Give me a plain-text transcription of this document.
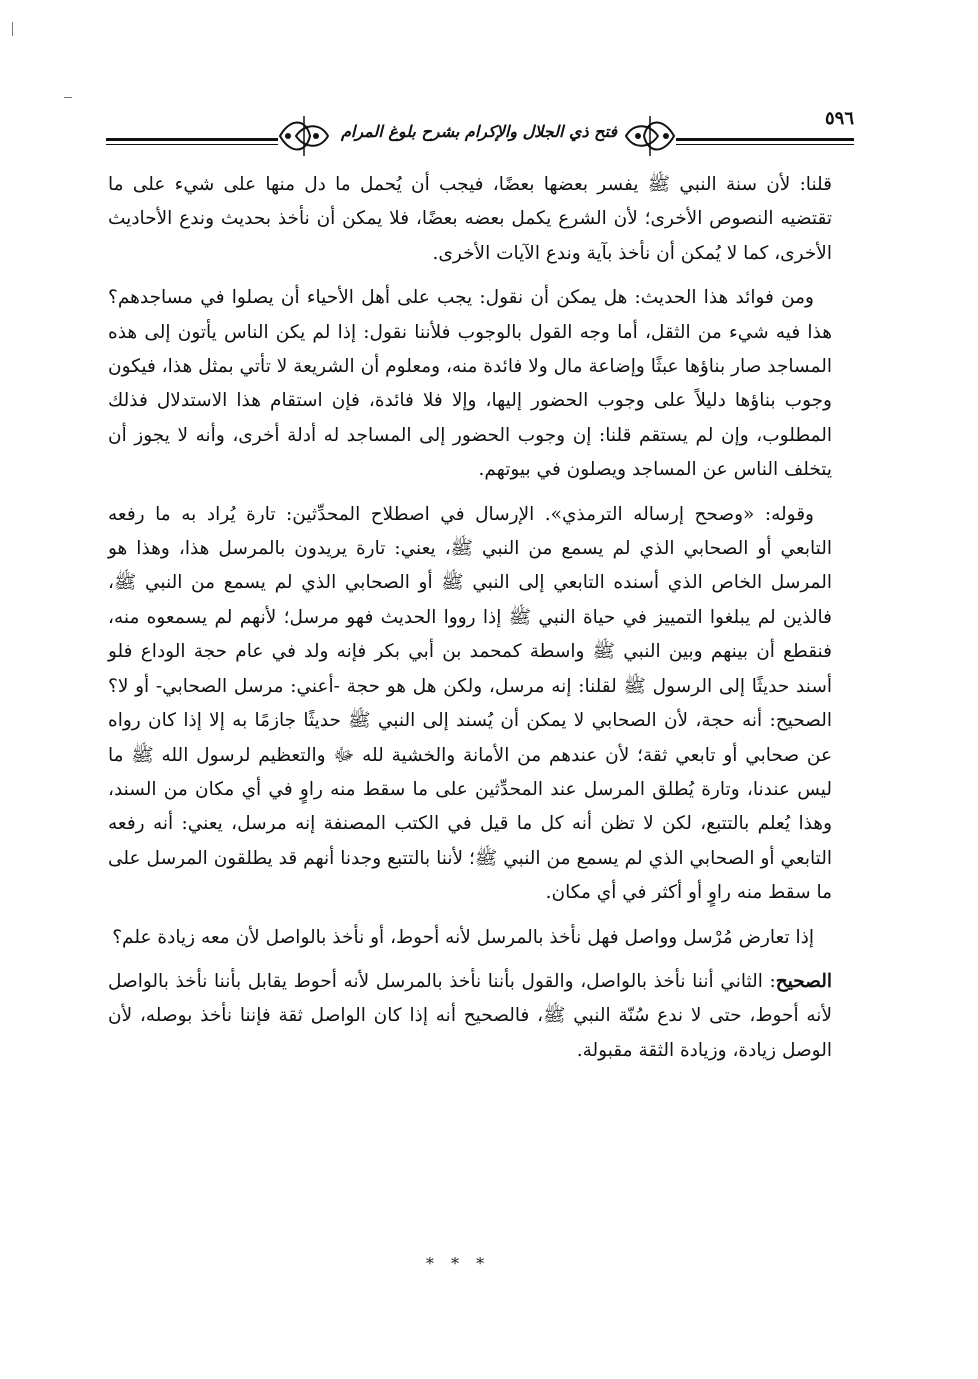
٥٩٦
فتح ذي الجلال والإكرام بشرح بلوغ المرام

قلنا: لأن سنة النبي ﷺ يفسر بعضها بعضًا، فيجب أن يُحمل ما دل منها على شيء على ما تقتضيه النصوص الأخرى؛ لأن الشرع يكمل بعضه بعضًا، فلا يمكن أن نأخذ بحديث وندع الأحاديث الأخرى، كما لا يُمكن أن نأخذ بآية وندع الآيات الأخرى.

ومن فوائد هذا الحديث: هل يمكن أن نقول: يجب على أهل الأحياء أن يصلوا في مساجدهم؟ هذا فيه شيء من الثقل، أما وجه القول بالوجوب فلأننا نقول: إذا لم يكن الناس يأتون إلى هذه المساجد صار بناؤها عبثًا وإضاعة مال ولا فائدة منه، ومعلوم أن الشريعة لا تأتي بمثل هذا، فيكون وجوب بناؤها دليلاً على وجوب الحضور إليها، وإلا فلا فائدة، فإن استقام هذا الاستدلال فذلك المطلوب، وإن لم يستقم قلنا: إن وجوب الحضور إلى المساجد له أدلة أخرى، وأنه لا يجوز أن يتخلف الناس عن المساجد ويصلون في بيوتهم.

وقوله: «وصحح إرساله الترمذي». الإرسال في اصطلاح المحدِّثين: تارة يُراد به ما رفعه التابعي أو الصحابي الذي لم يسمع من النبي ﷺ، يعني: تارة يريدون بالمرسل هذا، وهذا هو المرسل الخاص الذي أسنده التابعي إلى النبي ﷺ أو الصحابي الذي لم يسمع من النبي ﷺ، فالذين لم يبلغوا التمييز في حياة النبي ﷺ إذا رووا الحديث فهو مرسل؛ لأنهم لم يسمعوه منه، فنقطع أن بينهم وبين النبي ﷺ واسطة كمحمد بن أبي بكر فإنه ولد في عام حجة الوداع فلو أسند حديثًا إلى الرسول ﷺ لقلنا: إنه مرسل، ولكن هل هو حجة -أعني: مرسل الصحابي- أو لا؟ الصحيح: أنه حجة، لأن الصحابي لا يمكن أن يُسند إلى النبي ﷺ حديثًا جازمًا به إلا إذا كان رواه عن صحابي أو تابعي ثقة؛ لأن عندهم من الأمانة والخشية لله ﷻ والتعظيم لرسول الله ﷺ ما ليس عندنا، وتارة يُطلق المرسل عند المحدِّثين على ما سقط منه راوٍ في أي مكان من السند، وهذا يُعلم بالتتبع، لكن لا تظن أنه كل ما قيل في الكتب المصنفة إنه مرسل، يعني: أنه رفعه التابعي أو الصحابي الذي لم يسمع من النبي ﷺ؛ لأننا بالتتبع وجدنا أنهم قد يطلقون المرسل على ما سقط منه راوٍ أو أكثر في أي مكان.

إذا تعارض مُرْسل وواصل فهل نأخذ بالمرسل لأنه أحوط، أو نأخذ بالواصل لأن معه زيادة علم؟

الصحيح: الثاني أننا نأخذ بالواصل، والقول بأننا نأخذ بالمرسل لأنه أحوط يقابل بأننا نأخذ بالواصل لأنه أحوط، حتى لا ندع سُنّة النبي ﷺ، فالصحيح أنه إذا كان الواصل ثقة فإننا نأخذ بوصله، لأن الوصل زيادة، وزيادة الثقة مقبولة.

* * *
